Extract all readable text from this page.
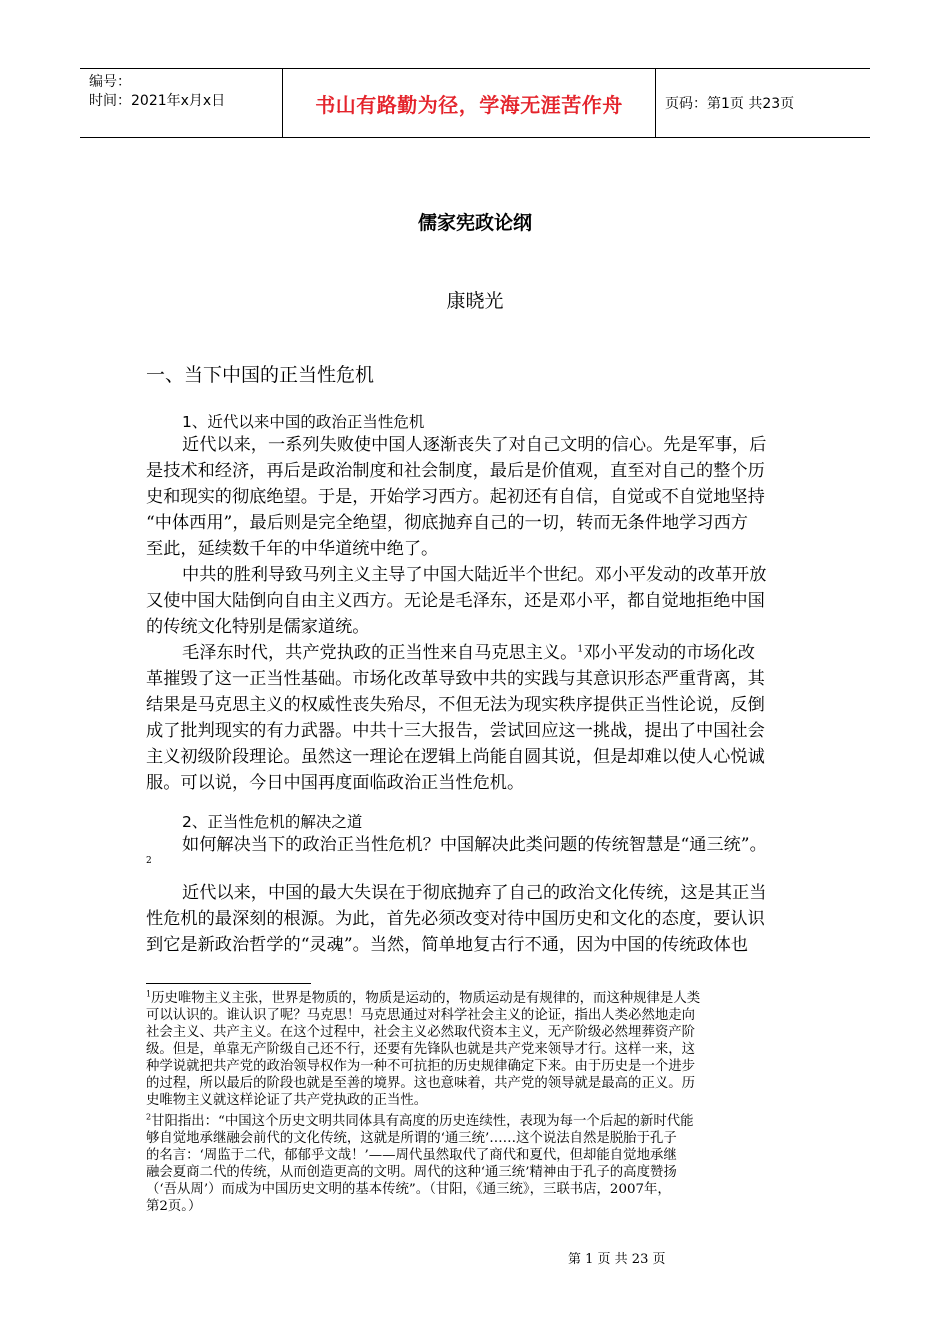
编号：
时间：2021年x月x日	书山有路勤为径，学海无涯苦作舟	页码：第1页 共23页
儒家宪政论纲
康晓光
一、当下中国的正当性危机
1、近代以来中国的政治正当性危机
近代以来，一系列失败使中国人逐渐丧失了对自己文明的信心。先是军事，后
是技术和经济，再后是政治制度和社会制度，最后是价值观，直至对自己的整个历
史和现实的彻底绝望。于是，开始学习西方。起初还有自信，自觉或不自觉地坚持
“中体西用”，最后则是完全绝望，彻底抛弃自己的一切，转而无条件地学习西方
至此，延续数千年的中华道统中绝了。
中共的胜利导致马列主义主导了中国大陆近半个世纪。邓小平发动的改革开放
又使中国大陆倒向自由主义西方。无论是毛泽东，还是邓小平，都自觉地拒绝中国
的传统文化特别是儒家道统。
毛泽东时代，共产党执政的正当性来自马克思主义。$^1$邓小平发动的市场化改
革摧毁了这一正当性基础。市场化改革导致中共的实践与其意识形态严重背离，其
结果是马克思主义的权威性丧失殆尽，不但无法为现实秩序提供正当性论说，反倒
成了批判现实的有力武器。中共十三大报告，尝试回应这一挑战，提出了中国社会
主义初级阶段理论。虽然这一理论在逻辑上尚能自圆其说，但是却难以使人心悦诚
服。可以说，今日中国再度面临政治正当性危机。
2、正当性危机的解决之道
如何解决当下的政治正当性危机？中国解决此类问题的传统智慧是“通三统”。
2
近代以来，中国的最大失误在于彻底抛弃了自己的政治文化传统，这是其正当
性危机的最深刻的根源。为此，首先必须改变对待中国历史和文化的态度，要认识
到它是新政治哲学的“灵魂”。当然，简单地复古行不通，因为中国的传统政体也
$^1$历史唯物主义主张，世界是物质的，物质是运动的，物质运动是有规律的，而这种规律是人类
可以认识的。谁认识了呢？马克思！马克思通过对科学社会主义的论证，指出人类必然地走向
社会主义、共产主义。在这个过程中，社会主义必然取代资本主义，无产阶级必然埋葬资产阶
级。但是，单靠无产阶级自己还不行，还要有先锋队也就是共产党来领导才行。这样一来，这
种学说就把共产党的政治领导权作为一种不可抗拒的历史规律确定下来。由于历史是一个进步
的过程，所以最后的阶段也就是至善的境界。这也意味着，共产党的领导就是最高的正义。历
史唯物主义就这样论证了共产党执政的正当性。
$^2$甘阳指出：“中国这个历史文明共同体具有高度的历史连续性，表现为每一个后起的新时代能
够自觉地承继融会前代的文化传统，这就是所谓的‘通三统’……这个说法自然是脱胎于孔子
的名言：‘周监于二代，郁郁乎文哉！’——周代虽然取代了商代和夏代，但却能自觉地承继
融会夏商二代的传统，从而创造更高的文明。周代的这种‘通三统’精神由于孔子的高度赞扬
（‘吾从周’）而成为中国历史文明的基本传统”。（甘阳，《通三统》，三联书店，2007年，
第2页。）
第 1 页 共 23 页
